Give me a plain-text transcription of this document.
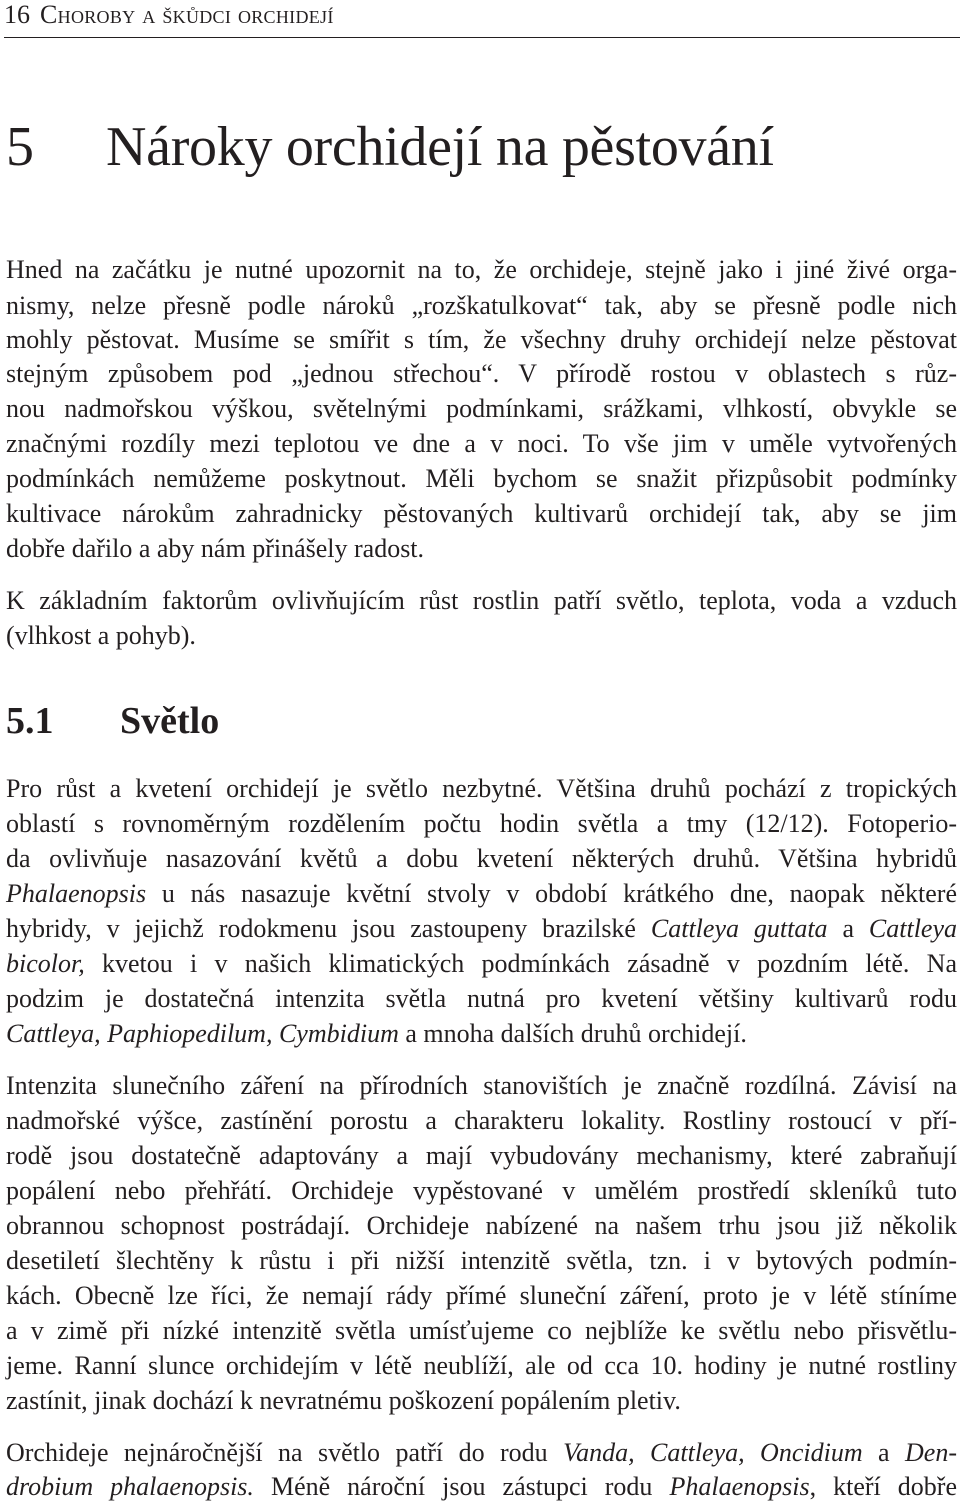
16 Choroby a škůdci orchidejí
5 Nároky orchidejí na pěstování
Hned na začátku je nutné upozornit na to, že orchideje, stejně jako i jiné živé orga-
nismy, nelze přesně podle nároků „rozškatulkovat“ tak, aby se přesně podle nich
mohly pěstovat. Musíme se smířit s tím, že všechny druhy orchidejí nelze pěstovat
stejným způsobem pod „jednou střechou“. V přírodě rostou v oblastech s růz-
nou nadmořskou výškou, světelnými podmínkami, srážkami, vlhkostí, obvykle se
značnými rozdíly mezi teplotou ve dne a v noci. To vše jim v uměle vytvořených
podmínkách nemůžeme poskytnout. Měli bychom se snažit přizpůsobit podmínky
kultivace nárokům zahradnicky pěstovaných kultivarů orchidejí tak, aby se jim
dobře dařilo a aby nám přinášely radost.
K základním faktorům ovlivňujícím růst rostlin patří světlo, teplota, voda a vzduch
(vlhkost a pohyb).
5.1 Světlo
Pro růst a kvetení orchidejí je světlo nezbytné. Většina druhů pochází z tropických
oblastí s rovnoměrným rozdělením počtu hodin světla a tmy (12/12). Fotoperio-
da ovlivňuje nasazování květů a dobu kvetení některých druhů. Většina hybridů
Phalaenopsis u nás nasazuje květní stvoly v období krátkého dne, naopak některé
hybridy, v jejichž rodokmenu jsou zastoupeny brazilské Cattleya guttata a Cattleya
bicolor, kvetou i v našich klimatických podmínkách zásadně v pozdním létě. Na
podzim je dostatečná intenzita světla nutná pro kvetení většiny kultivarů rodu
Cattleya, Paphiopedilum, Cymbidium a mnoha dalších druhů orchidejí.
Intenzita slunečního záření na přírodních stanovištích je značně rozdílná. Závisí na
nadmořské výšce, zastínění porostu a charakteru lokality. Rostliny rostoucí v pří-
rodě jsou dostatečně adaptovány a mají vybudovány mechanismy, které zabraňují
popálení nebo přehřátí. Orchideje vypěstované v umělém prostředí skleníků tuto
obrannou schopnost postrádají. Orchideje nabízené na našem trhu jsou již několik
desetiletí šlechtěny k růstu i při nižší intenzitě světla, tzn. i v bytových podmín-
kách. Obecně lze říci, že nemají rády přímé sluneční záření, proto je v létě stíníme
a v zimě při nízké intenzitě světla umísťujeme co nejblíže ke světlu nebo přisvětlu-
jeme. Ranní slunce orchidejím v létě neublíží, ale od cca 10. hodiny je nutné rostliny
zastínit, jinak dochází k nevratnému poškození popálením pletiv.
Orchideje nejnáročnější na světlo patří do rodu Vanda, Cattleya, Oncidium a Den-
drobium phalaenopsis. Méně nároční jsou zástupci rodu Phalaenopsis, kteří dobře
